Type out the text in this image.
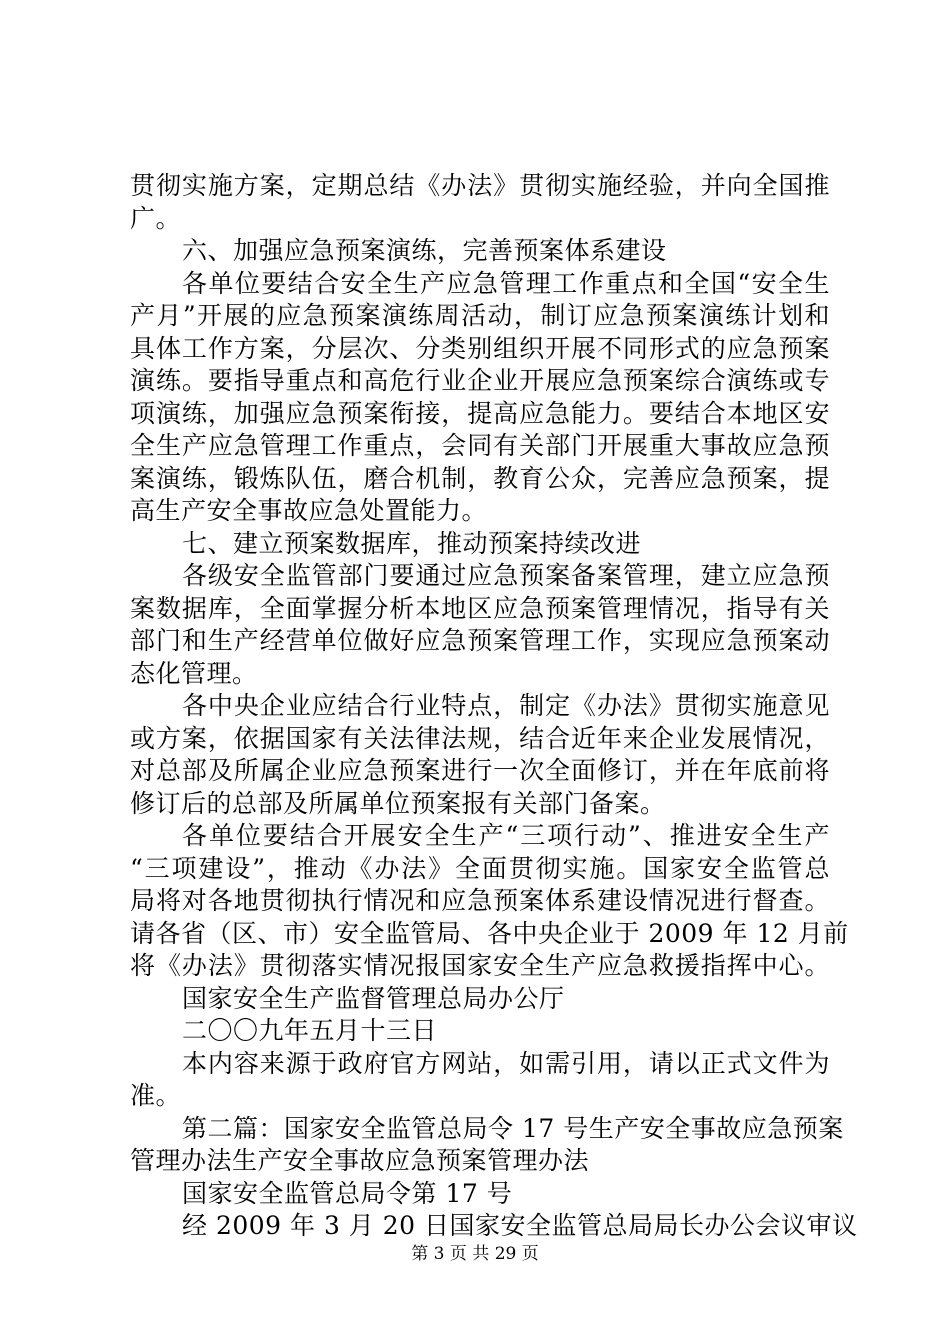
贯彻实施方案，定期总结《办法》贯彻实施经验，并向全国推
广。
六、加强应急预案演练，完善预案体系建设
各单位要结合安全生产应急管理工作重点和全国“安全生
产月”开展的应急预案演练周活动，制订应急预案演练计划和
具体工作方案，分层次、分类别组织开展不同形式的应急预案
演练。要指导重点和高危行业企业开展应急预案综合演练或专
项演练，加强应急预案衔接，提高应急能力。要结合本地区安
全生产应急管理工作重点，会同有关部门开展重大事故应急预
案演练，锻炼队伍，磨合机制，教育公众，完善应急预案，提
高生产安全事故应急处置能力。
七、建立预案数据库，推动预案持续改进
各级安全监管部门要通过应急预案备案管理，建立应急预
案数据库，全面掌握分析本地区应急预案管理情况，指导有关
部门和生产经营单位做好应急预案管理工作，实现应急预案动
态化管理。
各中央企业应结合行业特点，制定《办法》贯彻实施意见
或方案，依据国家有关法律法规，结合近年来企业发展情况，
对总部及所属企业应急预案进行一次全面修订，并在年底前将
修订后的总部及所属单位预案报有关部门备案。
各单位要结合开展安全生产“三项行动”、推进安全生产
“三项建设”，推动《办法》全面贯彻实施。国家安全监管总
局将对各地贯彻执行情况和应急预案体系建设情况进行督查。
请各省（区、市）安全监管局、各中央企业于 2009 年 12 月前
将《办法》贯彻落实情况报国家安全生产应急救援指挥中心。
国家安全生产监督管理总局办公厅
二〇〇九年五月十三日
本内容来源于政府官方网站，如需引用，请以正式文件为
准。
第二篇：国家安全监管总局令 17 号生产安全事故应急预案
管理办法生产安全事故应急预案管理办法
国家安全监管总局令第 17 号
经 2009 年 3 月 20 日国家安全监管总局局长办公会议审议
第 3 页 共 29 页
